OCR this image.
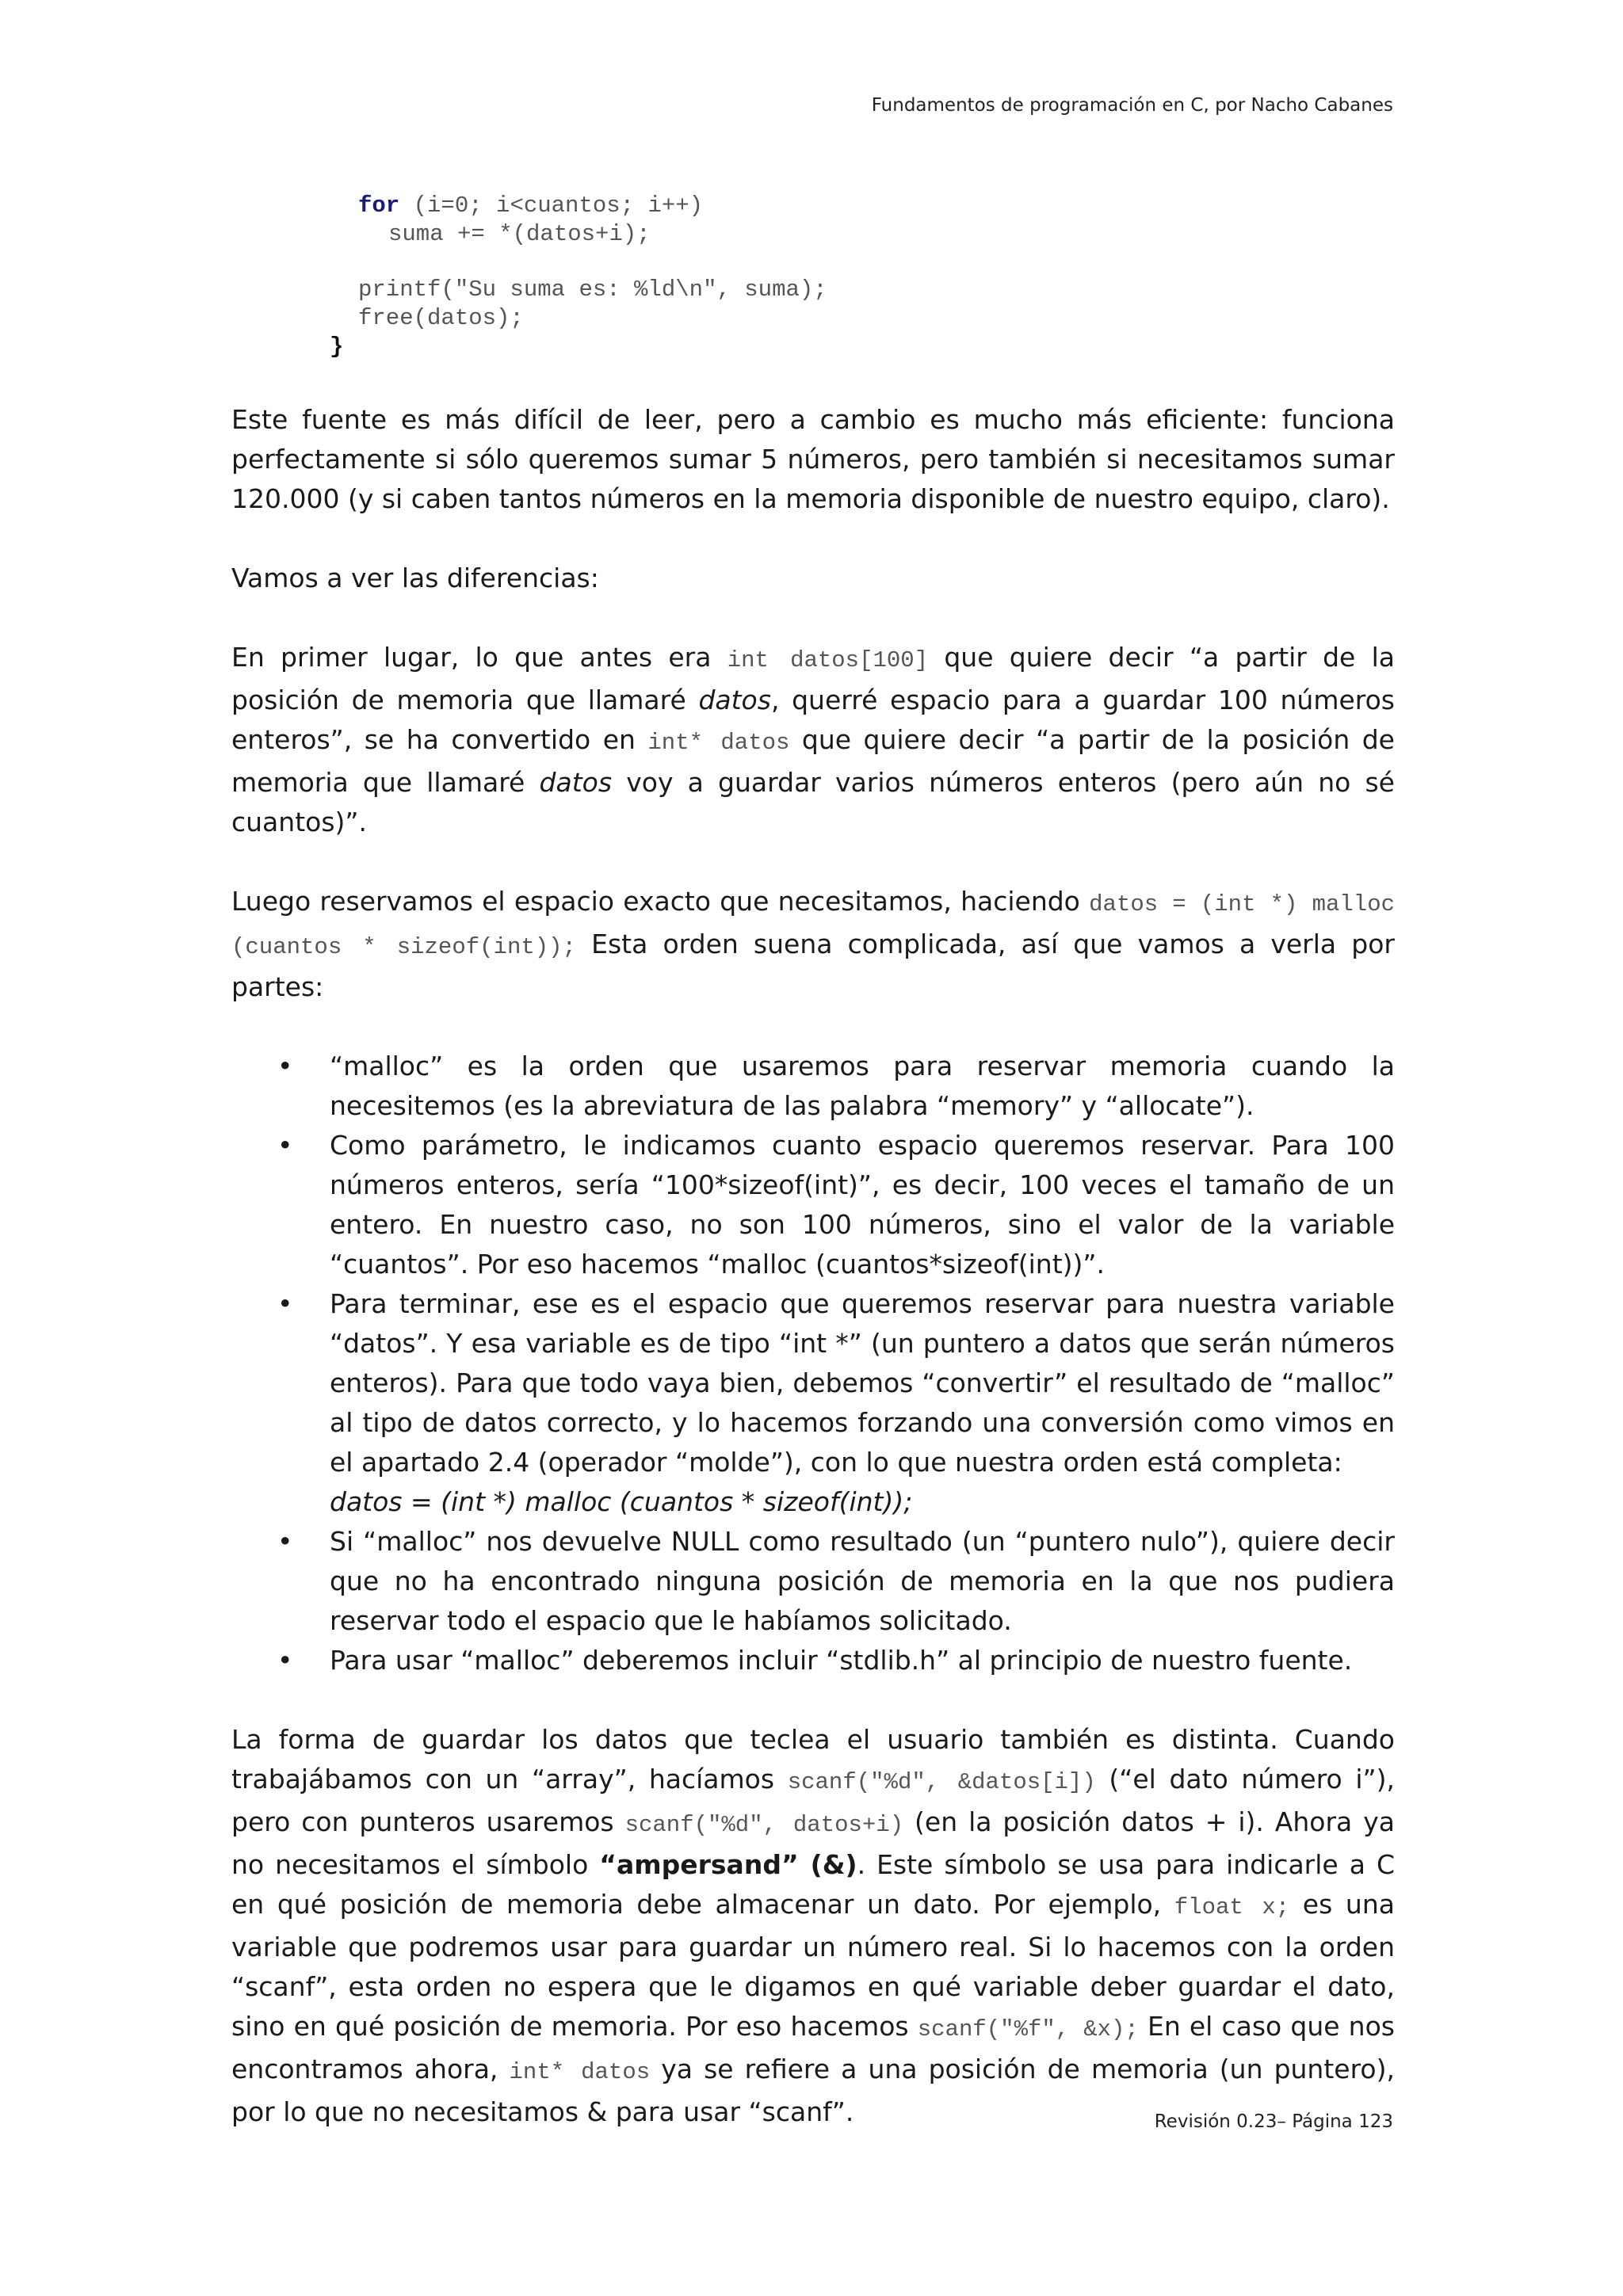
Fundamentos de programación en C, por Nacho Cabanes
for (i=0; i<cuantos; i++)
suma += *(datos+i);
printf("Su suma es: %ld\n", suma);
free(datos);
}

Este fuente es más difícil de leer, pero a cambio es mucho más eficiente: funciona perfectamente si sólo queremos sumar 5 números, pero también si necesitamos sumar 120.000 (y si caben tantos números en la memoria disponible de nuestro equipo, claro).

Vamos a ver las diferencias:

En primer lugar, lo que antes era int datos[100] que quiere decir “a partir de la posición de memoria que llamaré datos, querré espacio para a guardar 100 números enteros”, se ha convertido en int* datos que quiere decir “a partir de la posición de memoria que llamaré datos voy a guardar varios números enteros (pero aún no sé cuantos)”.

Luego reservamos el espacio exacto que necesitamos, haciendo datos = (int *) malloc (cuantos * sizeof(int)); Esta orden suena complicada, así que vamos a verla por partes:

• “malloc” es la orden que usaremos para reservar memoria cuando la necesitemos (es la abreviatura de las palabra “memory” y “allocate”).
• Como parámetro, le indicamos cuanto espacio queremos reservar. Para 100 números enteros, sería “100*sizeof(int)”, es decir, 100 veces el tamaño de un entero. En nuestro caso, no son 100 números, sino el valor de la variable “cuantos”. Por eso hacemos “malloc (cuantos*sizeof(int))”.
• Para terminar, ese es el espacio que queremos reservar para nuestra variable “datos”. Y esa variable es de tipo “int *” (un puntero a datos que serán números enteros). Para que todo vaya bien, debemos “convertir” el resultado de “malloc” al tipo de datos correcto, y lo hacemos forzando una conversión como vimos en el apartado 2.4 (operador “molde”), con lo que nuestra orden está completa:
datos = (int *) malloc (cuantos * sizeof(int));
• Si “malloc” nos devuelve NULL como resultado (un “puntero nulo”), quiere decir que no ha encontrado ninguna posición de memoria en la que nos pudiera reservar todo el espacio que le habíamos solicitado.
• Para usar “malloc” deberemos incluir “stdlib.h” al principio de nuestro fuente.

La forma de guardar los datos que teclea el usuario también es distinta. Cuando trabajábamos con un “array”, hacíamos scanf("%d", &datos[i]) (“el dato número i”), pero con punteros usaremos scanf("%d", datos+i) (en la posición datos + i). Ahora ya no necesitamos el símbolo “ampersand” (&). Este símbolo se usa para indicarle a C en qué posición de memoria debe almacenar un dato. Por ejemplo, float x; es una variable que podremos usar para guardar un número real. Si lo hacemos con la orden “scanf”, esta orden no espera que le digamos en qué variable deber guardar el dato, sino en qué posición de memoria. Por eso hacemos scanf("%f", &x); En el caso que nos encontramos ahora, int* datos ya se refiere a una posición de memoria (un puntero), por lo que no necesitamos & para usar “scanf”.	Revisión 0.23– Página 123
